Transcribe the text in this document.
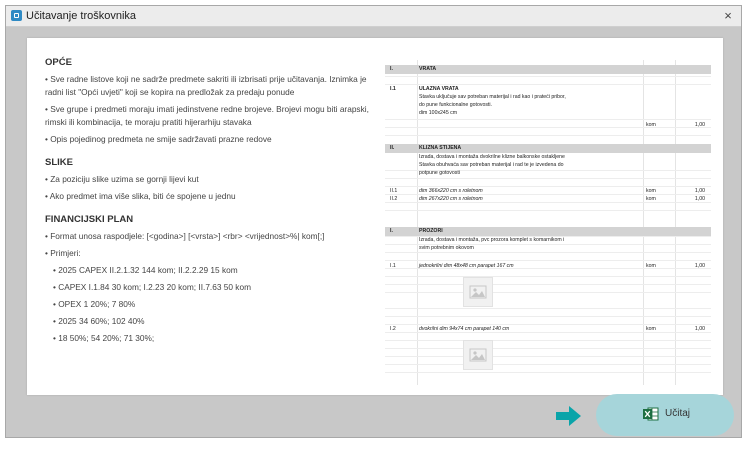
Učitavanje troškovnika	×
OPĆE
• Sve radne listove koji ne sadrže predmete sakriti ili izbrisati prije učitavanja. Iznimka je radni list "Opći uvjeti" koji se kopira na predložak za predaju ponude
• Sve grupe i predmeti moraju imati jedinstvene redne brojeve. Brojevi mogu biti arapski, rimski ili kombinacija, te moraju pratiti hijerarhiju stavaka
• Opis pojedinog predmeta ne smije sadržavati prazne redove
SLIKE
• Za poziciju slike uzima se gornji lijevi kut
• Ako predmet ima više slika, biti će spojene u jednu
FINANCIJSKI PLAN
• Format unosa raspodjele: [<godina>] [<vrsta>] <rbr> <vrijednost>%| kom[;]
• Primjeri:
• 2025 CAPEX II.2.1.32 144 kom; II.2.2.29 15 kom
• CAPEX I.1.84 30 kom; I.2.23 20 kom; II.7.63 50 kom
• OPEX 1 20%; 7 80%
• 2025 34 60%; 102 40%
• 18 50%; 54 20%; 71 30%;
I.	VRATA
I.1	ULAZNA VRATA
Stavka uključuje sav potreban materijal i rad kao i prateći pribor,
do pune funkcionalne gotovosti.
dim 100x245 cm
kom	1,00
II.	KLIZNA STIJENA
Izrada, dostava i montaža dvokrilne klizne balkonske ostakljene
Stavka obuhvaća sav potreban materijal i rad te je izvedena do
potpune gotovosti
II.1	dim 366x220 cm s roletnom	kom	1,00
II.2	dim 267x220 cm s roletnom	kom	1,00
I.	PROZORI
Izrada, dostava i montaža, pvc prozora komplet s komarnikom i
svim potrebnim okovom
I.1	jednokrilni dim 48x48 cm parapet 167 cm	kom	1,00
I.2	dvokrilni dim 94x74 cm parapet 140 cm	kom	1,00
Učitaj
